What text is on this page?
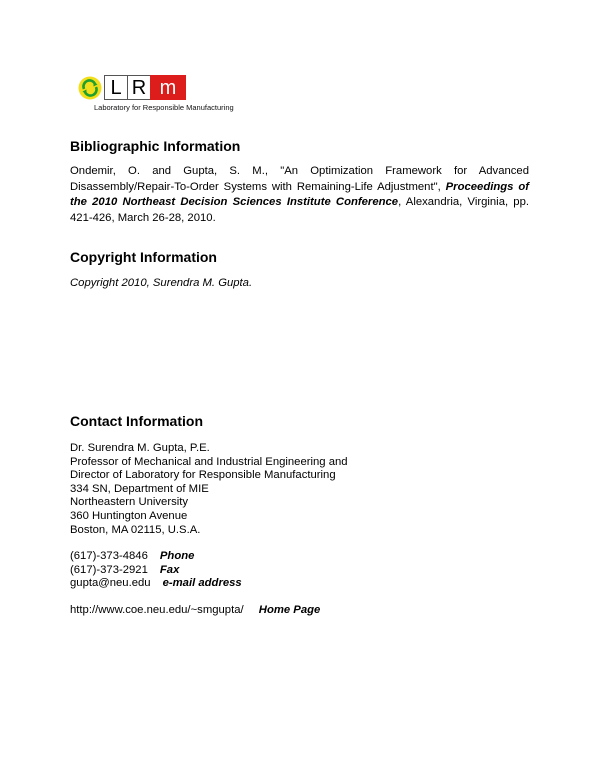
L R m
Laboratory for Responsible Manufacturing
Bibliographic Information

Ondemir, O. and Gupta, S. M., "An Optimization Framework for Advanced Disassembly/Repair-To-Order Systems with Remaining-Life Adjustment", Proceedings of the 2010 Northeast Decision Sciences Institute Conference, Alexandria, Virginia, pp. 421-426, March 26-28, 2010.

Copyright Information

Copyright 2010, Surendra M. Gupta.

Contact Information
Dr. Surendra M. Gupta, P.E.
Professor of Mechanical and Industrial Engineering and
Director of Laboratory for Responsible Manufacturing
334 SN, Department of MIE
Northeastern University
360 Huntington Avenue
Boston, MA 02115, U.S.A.
(617)-373-4846 Phone
(617)-373-2921 Fax
gupta@neu.edu e-mail address
http://www.coe.neu.edu/~smgupta/ Home Page
